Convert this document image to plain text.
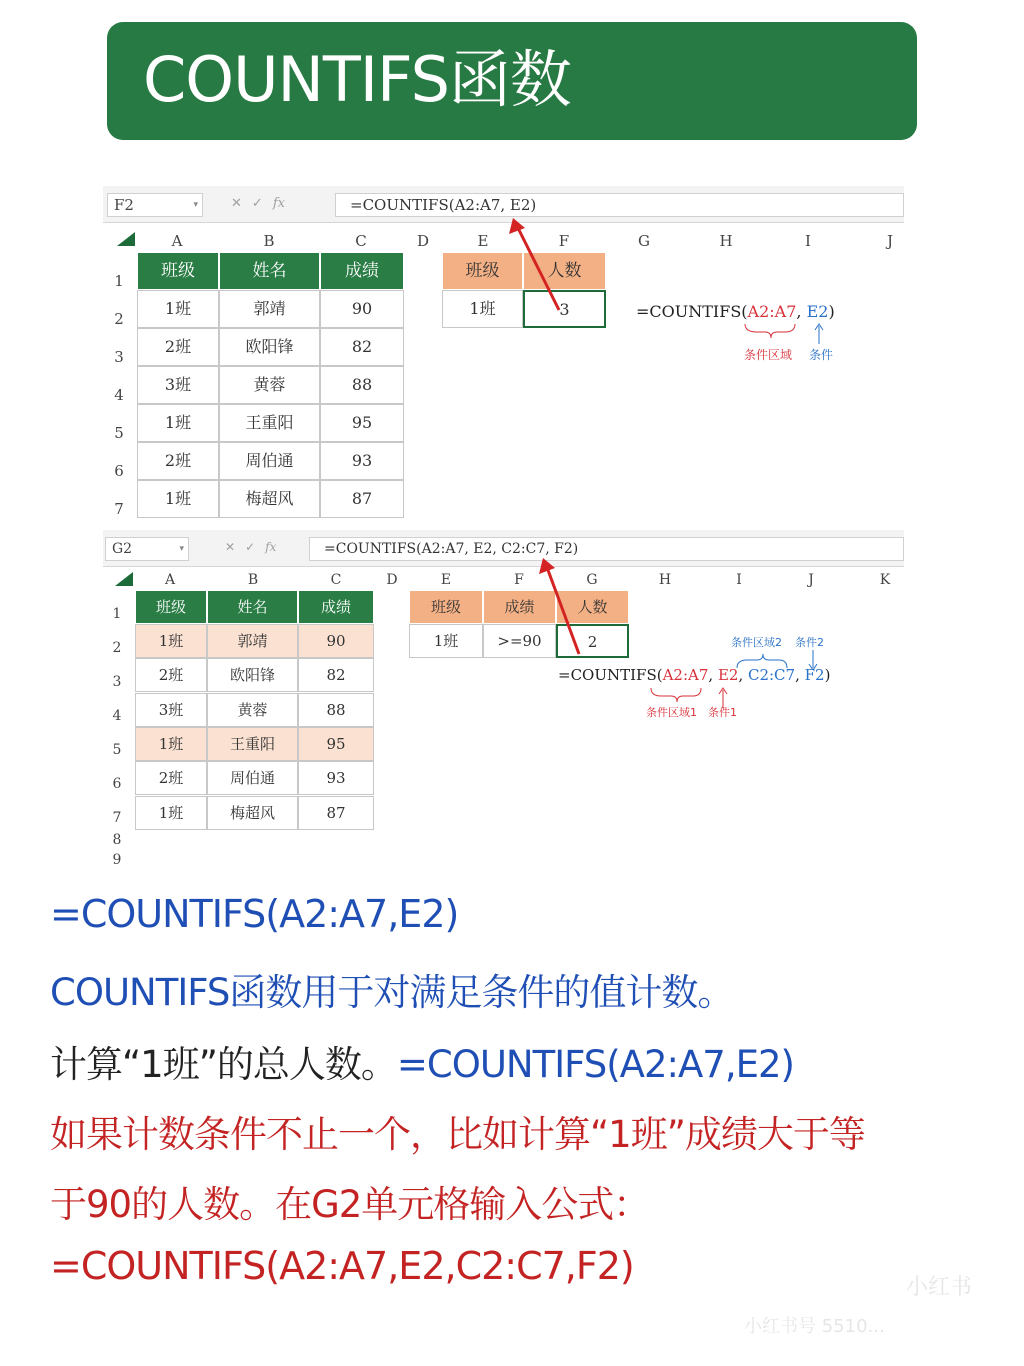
COUNTIFS函数
F2	▾	✕ ✓ fx	=COUNTIFS(A2:A7, E2)
A	B	C	D	E	F	G	H	I	J
1
2
3
4
5
6
7
班级	姓名	成绩
1班	郭靖	90
2班	欧阳锋	82
3班	黄蓉	88
1班	王重阳	95
2班	周伯通	93
1班	梅超风	87
班级	人数
1班	3	=COUNTIFS(A2:A7, E2)
条件区域 条件
G2	▾	✕ ✓ fx	=COUNTIFS(A2:A7, E2, C2:C7, F2)
A	B	C	D	E	F	G	H	I	J	K
1
2
3
4
5
6
7
8
9
班级	姓名	成绩
1班	郭靖	90
2班	欧阳锋	82
3班	黄蓉	88
1班	王重阳	95
2班	周伯通	93
1班	梅超风	87
班级	成绩	人数
1班	>=90	2	条件区域2 条件2
=COUNTIFS(A2:A7, E2, C2:C7, F2)
条件区域1 条件1
=COUNTIFS(A2:A7,E2)
COUNTIFS函数用于对满足条件的值计数。
计算“1班”的总人数。=COUNTIFS(A2:A7,E2)
如果计数条件不止一个，比如计算“1班”成绩大于等
于90的人数。在G2单元格输入公式：
=COUNTIFS(A2:A7,E2,C2:C7,F2)	小红书
小红书号 5510...
